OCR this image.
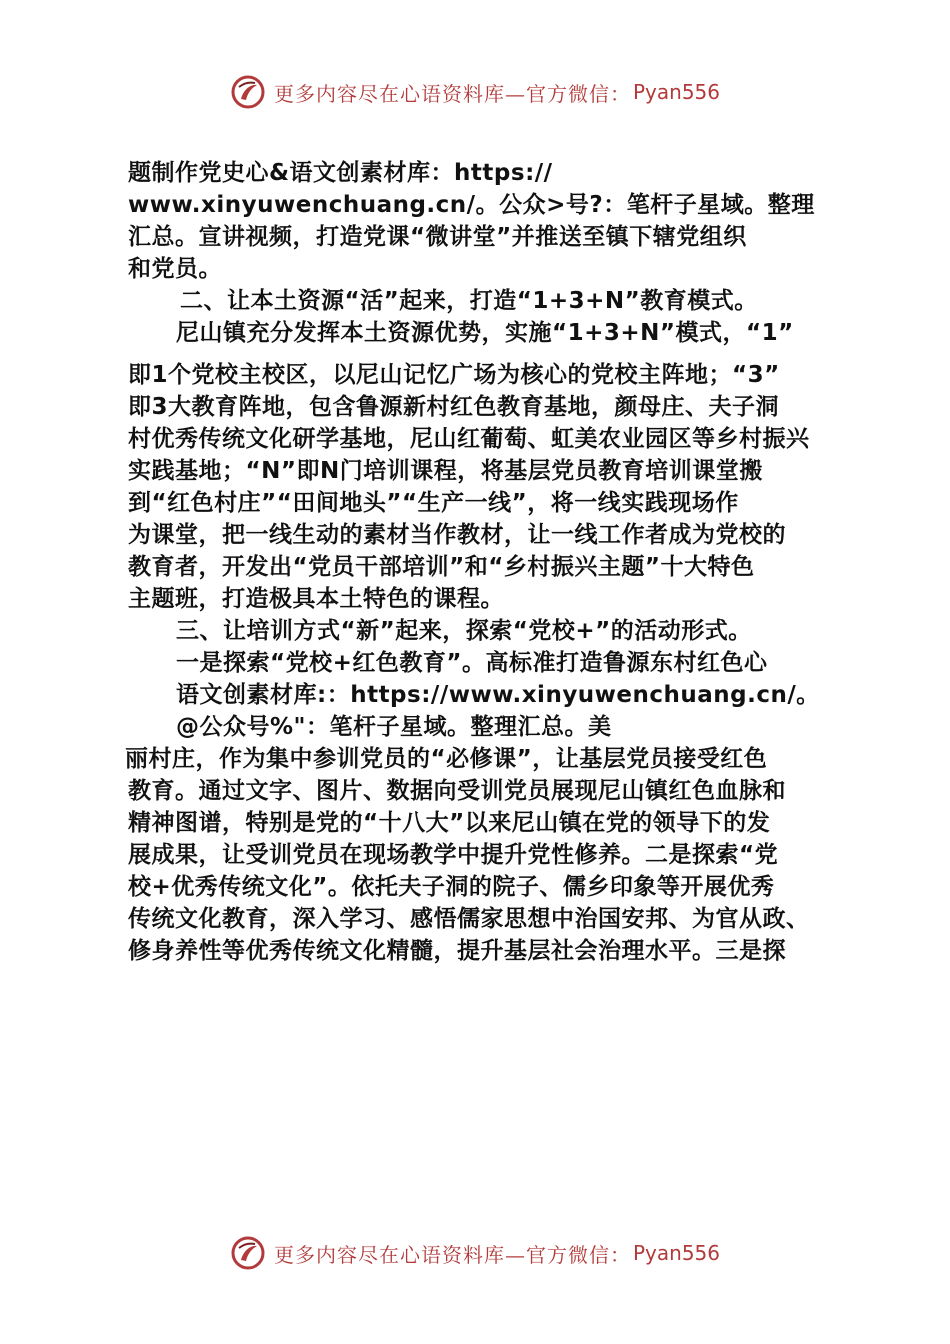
更多内容尽在心语资料库—官方微信： Pyan556
题制作党史心&语文创素材库：https://
www.xinyuwenchuang.cn/。公众>号?：笔杆子星域。整理
汇总。宣讲视频，打造党课“微讲堂”并推送至镇下辖党组织
和党员。
二、让本土资源“活”起来，打造“1+3+N”教育模式。
尼山镇充分发挥本土资源优势，实施“1+3+N”模式，“1”
即1个党校主校区，以尼山记忆广场为核心的党校主阵地；“3”
即3大教育阵地，包含鲁源新村红色教育基地，颜母庄、夫子洞
村优秀传统文化研学基地，尼山红葡萄、虹美农业园区等乡村振兴
实践基地；“N”即N门培训课程，将基层党员教育培训课堂搬
到“红色村庄”“田间地头”“生产一线”，将一线实践现场作
为课堂，把一线生动的素材当作教材，让一线工作者成为党校的
教育者，开发出“党员干部培训”和“乡村振兴主题”十大特色
主题班，打造极具本土特色的课程。
三、让培训方式“新”起来，探索“党校+”的活动形式。
一是探索“党校+红色教育”。高标准打造鲁源东村红色心
语文创素材库:：https://www.xinyuwenchuang.cn/。
@公众号%"：笔杆子星域。整理汇总。美
丽村庄，作为集中参训党员的“必修课”，让基层党员接受红色
教育。通过文字、图片、数据向受训党员展现尼山镇红色血脉和
精神图谱，特别是党的“十八大”以来尼山镇在党的领导下的发
展成果，让受训党员在现场教学中提升党性修养。二是探索“党
校+优秀传统文化”。依托夫子洞的院子、儒乡印象等开展优秀
传统文化教育，深入学习、感悟儒家思想中治国安邦、为官从政、
修身养性等优秀传统文化精髓，提升基层社会治理水平。三是探
更多内容尽在心语资料库—官方微信： Pyan556
